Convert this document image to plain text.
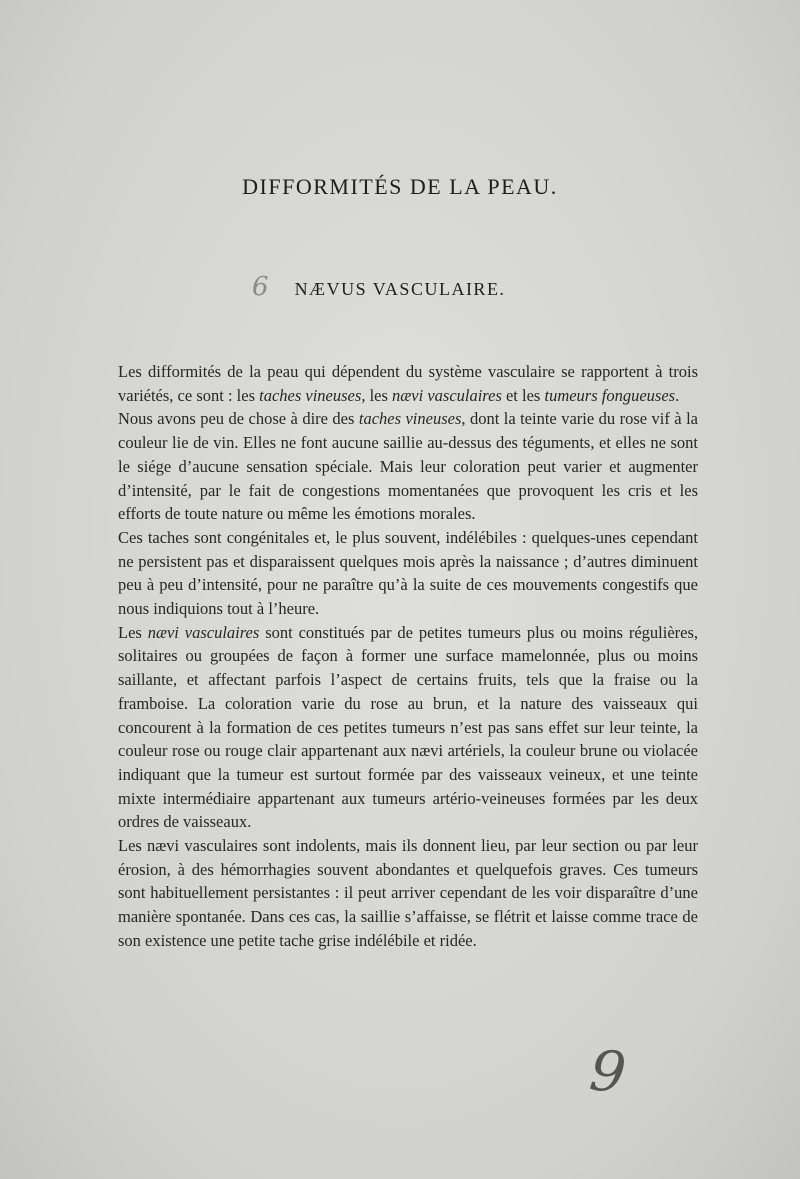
DIFFORMITÉS DE LA PEAU.
6	NÆVUS VASCULAIRE.

Les difformités de la peau qui dépendent du système vasculaire se rapportent à trois variétés, ce sont : les taches vineuses, les nævi vasculaires et les tumeurs fongueuses.

Nous avons peu de chose à dire des taches vineuses, dont la teinte varie du rose vif à la couleur lie de vin. Elles ne font aucune saillie au-dessus des téguments, et elles ne sont le siége d’aucune sensation spéciale. Mais leur coloration peut varier et augmenter d’intensité, par le fait de congestions momentanées que provoquent les cris et les efforts de toute nature ou même les émotions morales.

Ces taches sont congénitales et, le plus souvent, indélébiles : quelques-unes cependant ne persistent pas et disparaissent quelques mois après la naissance ; d’autres diminuent peu à peu d’intensité, pour ne paraître qu’à la suite de ces mouvements congestifs que nous indiquions tout à l’heure.

Les nævi vasculaires sont constitués par de petites tumeurs plus ou moins régulières, solitaires ou groupées de façon à former une surface mamelonnée, plus ou moins saillante, et affectant parfois l’aspect de certains fruits, tels que la fraise ou la framboise. La coloration varie du rose au brun, et la nature des vaisseaux qui concourent à la formation de ces petites tumeurs n’est pas sans effet sur leur teinte, la couleur rose ou rouge clair appartenant aux nævi artériels, la couleur brune ou violacée indiquant que la tumeur est surtout formée par des vaisseaux veineux, et une teinte mixte intermédiaire appartenant aux tumeurs artério-veineuses formées par les deux ordres de vaisseaux.

Les nævi vasculaires sont indolents, mais ils donnent lieu, par leur section ou par leur érosion, à des hémorrhagies souvent abondantes et quelquefois graves. Ces tumeurs sont habituellement persistantes : il peut arriver cependant de les voir disparaître d’une manière spontanée. Dans ces cas, la saillie s’affaisse, se flétrit et laisse comme trace de son existence une petite tache grise indélébile et ridée.

9
